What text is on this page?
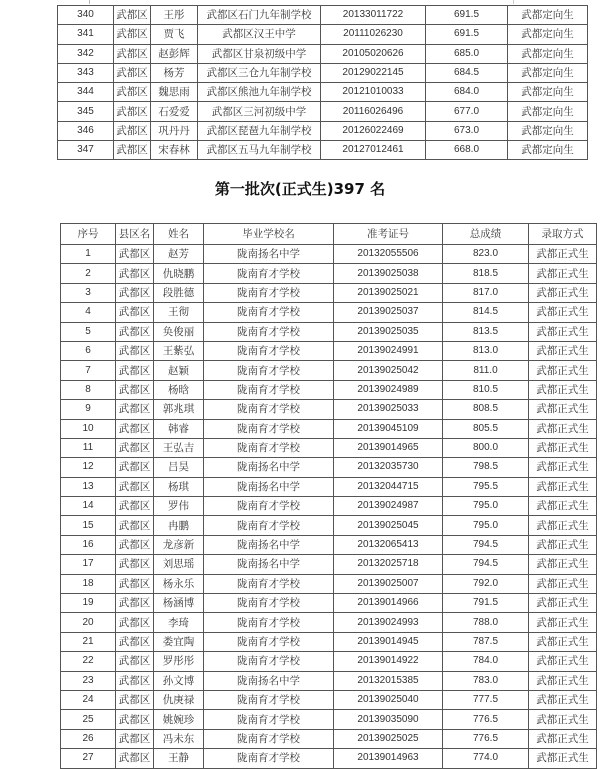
340	武都区	王彤	武都区石门九年制学校	20133011722	691.5	武都定向生
341	武都区	贾飞	武都区汉王中学	20111026230	691.5	武都定向生
342	武都区	赵彭辉	武都区甘泉初级中学	20105020626	685.0	武都定向生
343	武都区	杨芳	武都区三仓九年制学校	20129022145	684.5	武都定向生
344	武都区	魏思雨	武都区熊池九年制学校	20121010033	684.0	武都定向生
345	武都区	石爱爱	武都区三河初级中学	20116026496	677.0	武都定向生
346	武都区	巩丹丹	武都区琵琶九年制学校	20126022469	673.0	武都定向生
347	武都区	宋春林	武都区五马九年制学校	20127012461	668.0	武都定向生
第一批次(正式生)397 名
序号	县区名	姓名	毕业学校名	准考证号	总成绩	录取方式
1	武都区	赵芳	陇南扬名中学	20132055506	823.0	武都正式生
2	武都区	仇晓鹏	陇南育才学校	20139025038	818.5	武都正式生
3	武都区	段胜德	陇南育才学校	20139025021	817.0	武都正式生
4	武都区	王彻	陇南育才学校	20139025037	814.5	武都正式生
5	武都区	奂俊丽	陇南育才学校	20139025035	813.5	武都正式生
6	武都区	王紫弘	陇南育才学校	20139024991	813.0	武都正式生
7	武都区	赵颖	陇南育才学校	20139025042	811.0	武都正式生
8	武都区	杨晗	陇南育才学校	20139024989	810.5	武都正式生
9	武都区	郭兆琪	陇南育才学校	20139025033	808.5	武都正式生
10	武都区	韩睿	陇南育才学校	20139045109	805.5	武都正式生
11	武都区	王弘吉	陇南育才学校	20139014965	800.0	武都正式生
12	武都区	吕昊	陇南扬名中学	20132035730	798.5	武都正式生
13	武都区	杨琪	陇南扬名中学	20132044715	795.5	武都正式生
14	武都区	罗伟	陇南育才学校	20139024987	795.0	武都正式生
15	武都区	冉鹏	陇南育才学校	20139025045	795.0	武都正式生
16	武都区	龙彦新	陇南扬名中学	20132065413	794.5	武都正式生
17	武都区	刘思瑶	陇南扬名中学	20132025718	794.5	武都正式生
18	武都区	杨永乐	陇南育才学校	20139025007	792.0	武都正式生
19	武都区	杨涵博	陇南育才学校	20139014966	791.5	武都正式生
20	武都区	李琦	陇南育才学校	20139024993	788.0	武都正式生
21	武都区	娄宜陶	陇南育才学校	20139014945	787.5	武都正式生
22	武都区	罗彤彤	陇南育才学校	20139014922	784.0	武都正式生
23	武都区	孙文博	陇南扬名中学	20132015385	783.0	武都正式生
24	武都区	仇庚禄	陇南育才学校	20139025040	777.5	武都正式生
25	武都区	姚婉珍	陇南育才学校	20139035090	776.5	武都正式生
26	武都区	冯未东	陇南育才学校	20139025025	776.5	武都正式生
27	武都区	王静	陇南育才学校	20139014963	774.0	武都正式生
